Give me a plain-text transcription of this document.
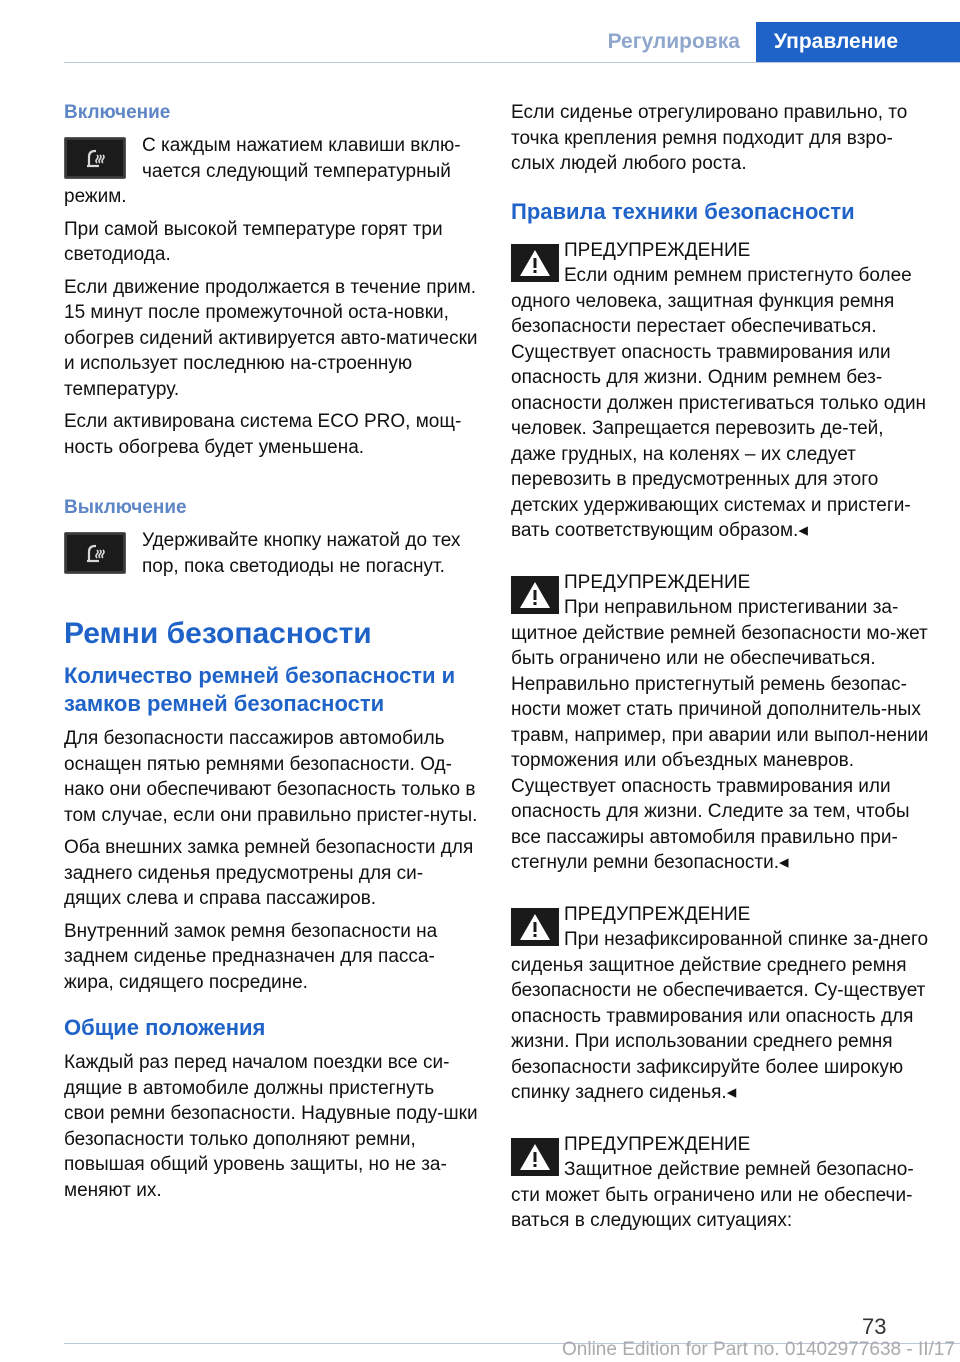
Регулировка	Управление
Включение

С каждым нажатием клавиши вклю-чается следующий температурный режим.

При самой высокой температуре горят три светодиода.

Если движение продолжается в течение прим. 15 минут после промежуточной оста-новки, обогрев сидений активируется авто-матически и использует последнюю на-строенную температуру.

Если активирована система ECO PRO, мощ-ность обогрева будет уменьшена.

Выключение

Удерживайте кнопку нажатой до тех пор, пока светодиоды не погаснут.

Ремни безопасности
Количество ремней безопасности и замков ремней безопасности

Для безопасности пассажиров автомобиль оснащен пятью ремнями безопасности. Од-нако они обеспечивают безопасность только в том случае, если они правильно пристег-нуты.

Оба внешних замка ремней безопасности для заднего сиденья предусмотрены для си-дящих слева и справа пассажиров.

Внутренний замок ремня безопасности на заднем сиденье предназначен для пасса-жира, сидящего посредине.

Общие положения

Каждый раз перед началом поездки все си-дящие в автомобиле должны пристегнуть свои ремни безопасности. Надувные поду-шки безопасности только дополняют ремни, повышая общий уровень защиты, но не за-меняют их.

Если сиденье отрегулировано правильно, то точка крепления ремня подходит для взро-слых людей любого роста.

Правила техники безопасности

ПРЕДУПРЕЖДЕНИЕ

Если одним ремнем пристегнуто более одного человека, защитная функция ремня безопасности перестает обеспечиваться. Существует опасность травмирования или опасность для жизни. Одним ремнем без-опасности должен пристегиваться только один человек. Запрещается перевозить де-тей, даже грудных, на коленях – их следует перевозить в предусмотренных для этого детских удерживающих системах и пристеги-вать соответствующим образом.◂

ПРЕДУПРЕЖДЕНИЕ

При неправильном пристегивании за-щитное действие ремней безопасности мо-жет быть ограничено или не обеспечиваться. Неправильно пристегнутый ремень безопас-ности может стать причиной дополнитель-ных травм, например, при аварии или выпол-нении торможения или объездных маневров. Существует опасность травмирования или опасность для жизни. Следите за тем, чтобы все пассажиры автомобиля правильно при-стегнули ремни безопасности.◂

ПРЕДУПРЕЖДЕНИЕ

При незафиксированной спинке за-днего сиденья защитное действие среднего ремня безопасности не обеспечивается. Су-ществует опасность травмирования или опасность для жизни. При использовании среднего ремня безопасности зафиксируйте более широкую спинку заднего сиденья.◂

ПРЕДУПРЕЖДЕНИЕ

Защитное действие ремней безопасно-сти может быть ограничено или не обеспечи-ваться в следующих ситуациях:

73
Online Edition for Part no. 01402977638 - II/17
